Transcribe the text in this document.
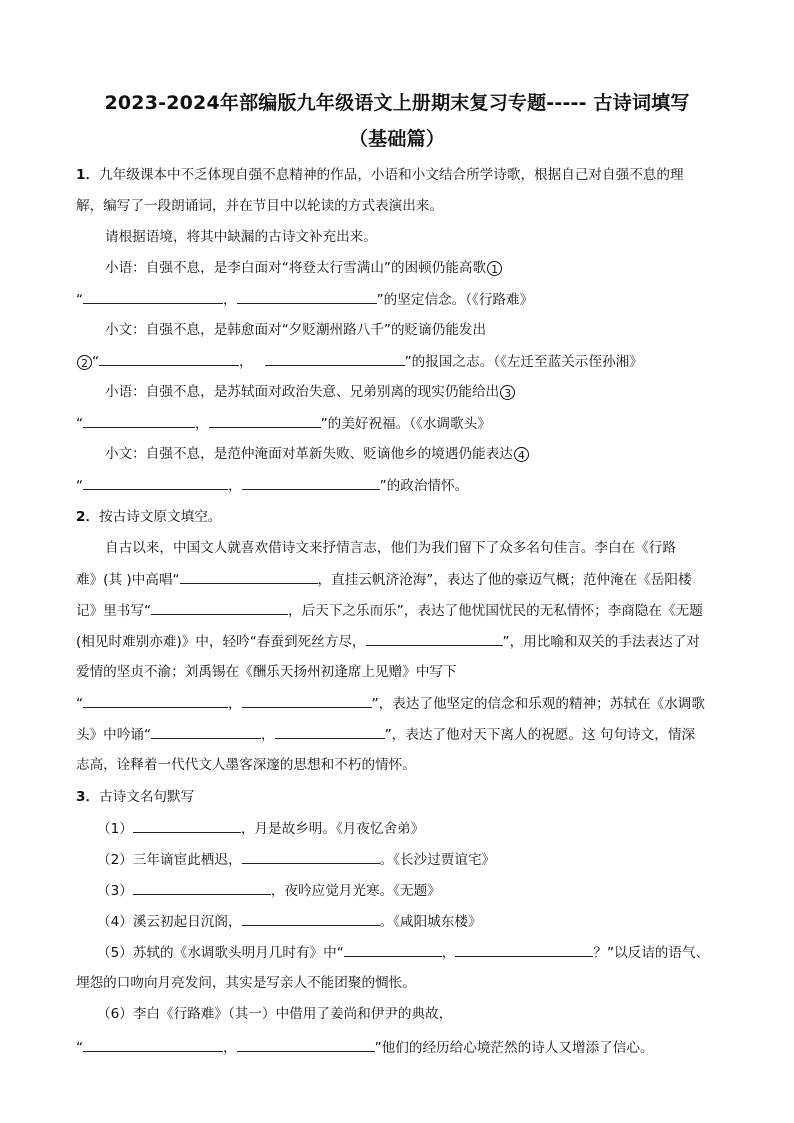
2023-2024年部编版九年级语文上册期末复习专题----- 古诗词填写
（基础篇）
1．九年级课本中不乏体现自强不息精神的作品，小语和小文结合所学诗歌，根据自己对自强不息的理
解，编写了一段朗诵词，并在节目中以轮读的方式表演出来。
请根据语境，将其中缺漏的古诗文补充出来。
小语：自强不息，是李白面对“将登太行雪满山”的困顿仍能高歌 1
“	，	”的坚定信念。（《行路难》
小文：自强不息，是韩愈面对“夕贬潮州路八千”的贬谪仍能发出
2 “	，	”的报国之志。（《左迁至蓝关示侄孙湘》
小语：自强不息，是苏轼面对政治失意、兄弟别离的现实仍能给出 3
“	，	”的美好祝福。（《水调歌头》
小文：自强不息，是范仲淹面对革新失败、贬谪他乡的境遇仍能表达 4
“	，	”的政治情怀。
2．按古诗文原文填空。
自古以来，中国文人就喜欢借诗文来抒情言志，他们为我们留下了众多名句佳言。李白在《行路
难》(其 )中高唱“	，直挂云帆济沧海”，表达了他的豪迈气概；范仲淹在《岳阳楼
记》里书写“	，后天下之乐而乐”，表达了他忧国忧民的无私情怀；李商隐在《无题
(相见时难别亦难)》中，轻吟“春蚕到死丝方尽，	”，用比喻和双关的手法表达了对
爱情的坚贞不渝；刘禹锡在《酬乐天扬州初逢席上见赠》中写下
“	，	”，表达了他坚定的信念和乐观的精神；苏轼在《水调歌
头》中吟诵“	，	”，表达了他对天下离人的祝愿。这 句句诗文，情深
志高，诠释着一代代文人墨客深邃的思想和不朽的情怀。
3．古诗文名句默写
（1）	，月是故乡明。《月夜忆舍弟》
（2）三年谪宦此栖迟，	。《长沙过贾谊宅》
（3）	，夜吟应觉月光寒。《无题》
（4）溪云初起日沉阁，	。《咸阳城东楼》
（5）苏轼的《水调歌头明月几时有》中“	，	？”以反诘的语气、
埋怨的口吻向月亮发问，其实是写亲人不能团聚的惆怅。
（6）李白《行路难》（其一）中借用了姜尚和伊尹的典故，
“	，	”他们的经历给心境茫然的诗人又增添了信心。
